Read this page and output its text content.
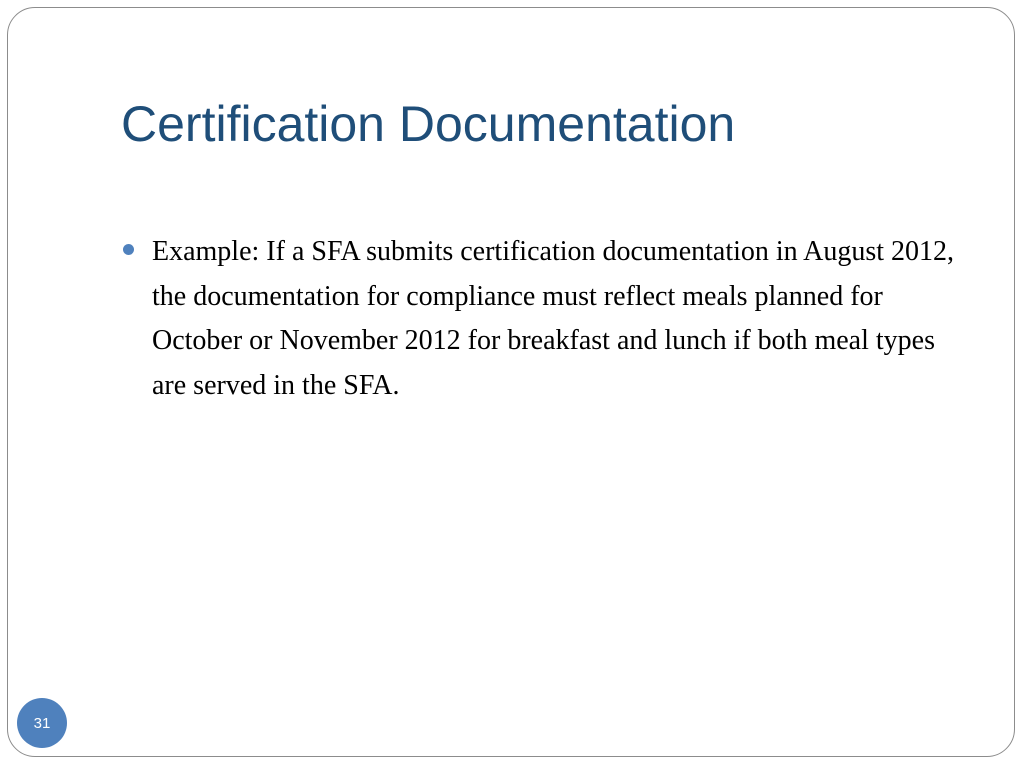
Certification Documentation
Example: If a SFA submits certification documentation in August 2012, the documentation for compliance must reflect meals planned for October or November 2012 for breakfast and lunch if both meal types are served in the SFA.
31
